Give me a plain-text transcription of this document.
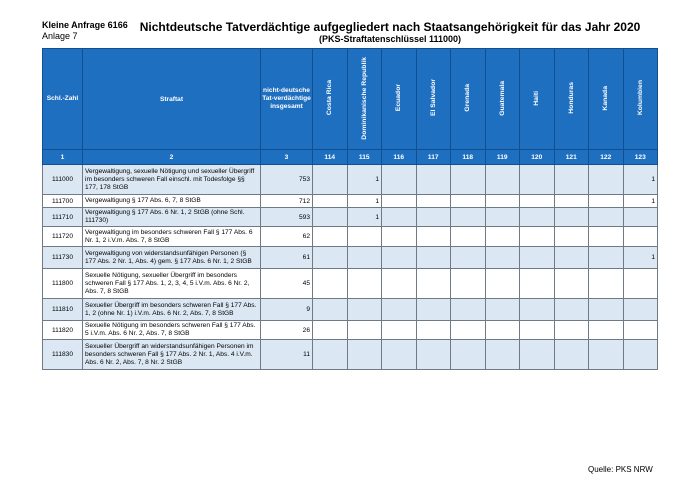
Kleine Anfrage 6166
Anlage 7
Nichtdeutsche Tatverdächtige aufgegliedert nach Staatsangehörigkeit für das Jahr 2020
(PKS-Straftatenschlüssel 111000)
Schl.-Zahl	Straftat	nicht-deutsche Tat-verdächtige insgesamt	Costa Rica	Dominikanische Republik	Ecuador	El Salvador	Grenada	Guatemala	Haiti	Honduras	Kanada	Kolumbien
1	2	3	114	115	116	117	118	119	120	121	122	123
111000	Vergewaltigung, sexuelle Nötigung und sexueller Übergriff im besonders schweren Fall einschl. mit Todesfolge §§ 177, 178 StGB	753		1								1
111700	Vergewaltigung § 177 Abs. 6, 7, 8 StGB	712		1								1
111710	Vergewaltigung § 177 Abs. 6 Nr. 1, 2 StGB (ohne Schl. 111730)	593		1								
111720	Vergewaltigung im besonders schweren Fall § 177 Abs. 6 Nr. 1, 2 i.V.m. Abs. 7, 8 StGB	62										
111730	Vergewaltigung von widerstandsunfähigen Personen (§ 177 Abs. 2 Nr. 1, Abs. 4) gem. § 177 Abs. 6 Nr. 1, 2 StGB	61										1
111800	Sexuelle Nötigung, sexueller Übergriff im besonders schweren Fall § 177 Abs. 1, 2, 3, 4, 5 i.V.m. Abs. 6 Nr. 2, Abs. 7, 8 StGB	45										
111810	Sexueller Übergriff im besonders schweren Fall § 177 Abs. 1, 2 (ohne Nr. 1) i.V.m. Abs. 6 Nr. 2, Abs. 7, 8 StGB	9										
111820	Sexuelle Nötigung im besonders schweren Fall § 177 Abs. 5 i.V.m. Abs. 6 Nr. 2, Abs. 7, 8 StGB	26										
111830	Sexueller Übergriff an widerstandsunfähigen Personen im besonders schweren Fall § 177 Abs. 2 Nr. 1, Abs. 4 i.V.m. Abs. 6 Nr. 2, Abs. 7, 8 Nr. 2 StGB	11										
Quelle: PKS NRW
